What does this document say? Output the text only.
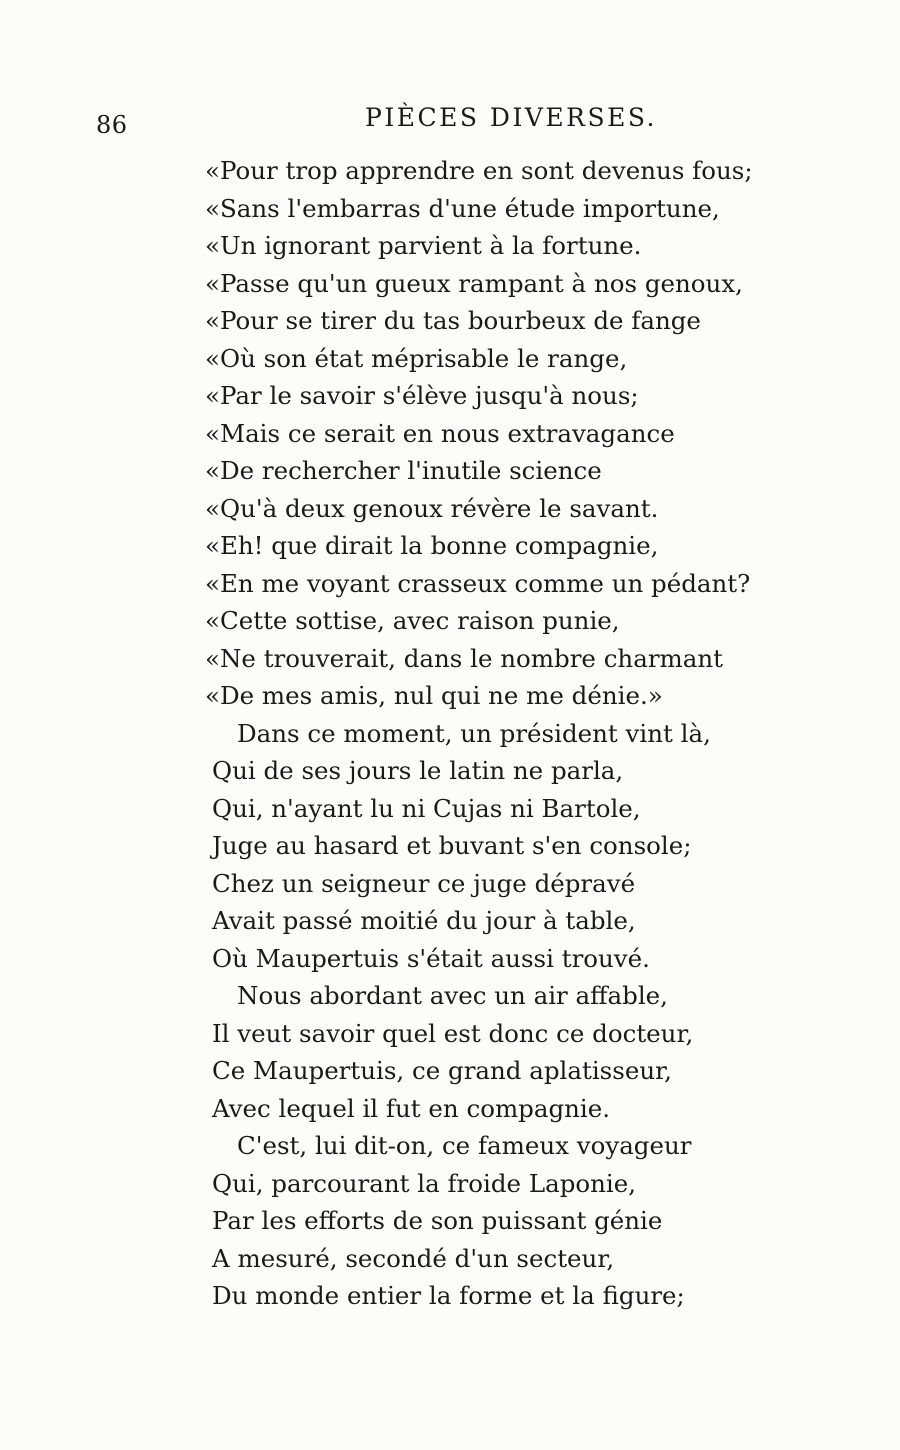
86	PIÈCES DIVERSES.
«Pour trop apprendre en sont devenus fous;
«Sans l'embarras d'une étude importune,
«Un ignorant parvient à la fortune.
«Passe qu'un gueux rampant à nos genoux,
«Pour se tirer du tas bourbeux de fange
«Où son état méprisable le range,
«Par le savoir s'élève jusqu'à nous;
«Mais ce serait en nous extravagance
«De rechercher l'inutile science
«Qu'à deux genoux révère le savant.
«Eh! que dirait la bonne compagnie,
«En me voyant crasseux comme un pédant?
«Cette sottise, avec raison punie,
«Ne trouverait, dans le nombre charmant
«De mes amis, nul qui ne me dénie.»
Dans ce moment, un président vint là,
Qui de ses jours le latin ne parla,
Qui, n'ayant lu ni Cujas ni Bartole,
Juge au hasard et buvant s'en console;
Chez un seigneur ce juge dépravé
Avait passé moitié du jour à table,
Où Maupertuis s'était aussi trouvé.
Nous abordant avec un air affable,
Il veut savoir quel est donc ce docteur,
Ce Maupertuis, ce grand aplatisseur,
Avec lequel il fut en compagnie.
C'est, lui dit-on, ce fameux voyageur
Qui, parcourant la froide Laponie,
Par les efforts de son puissant génie
A mesuré, secondé d'un secteur,
Du monde entier la forme et la figure;
